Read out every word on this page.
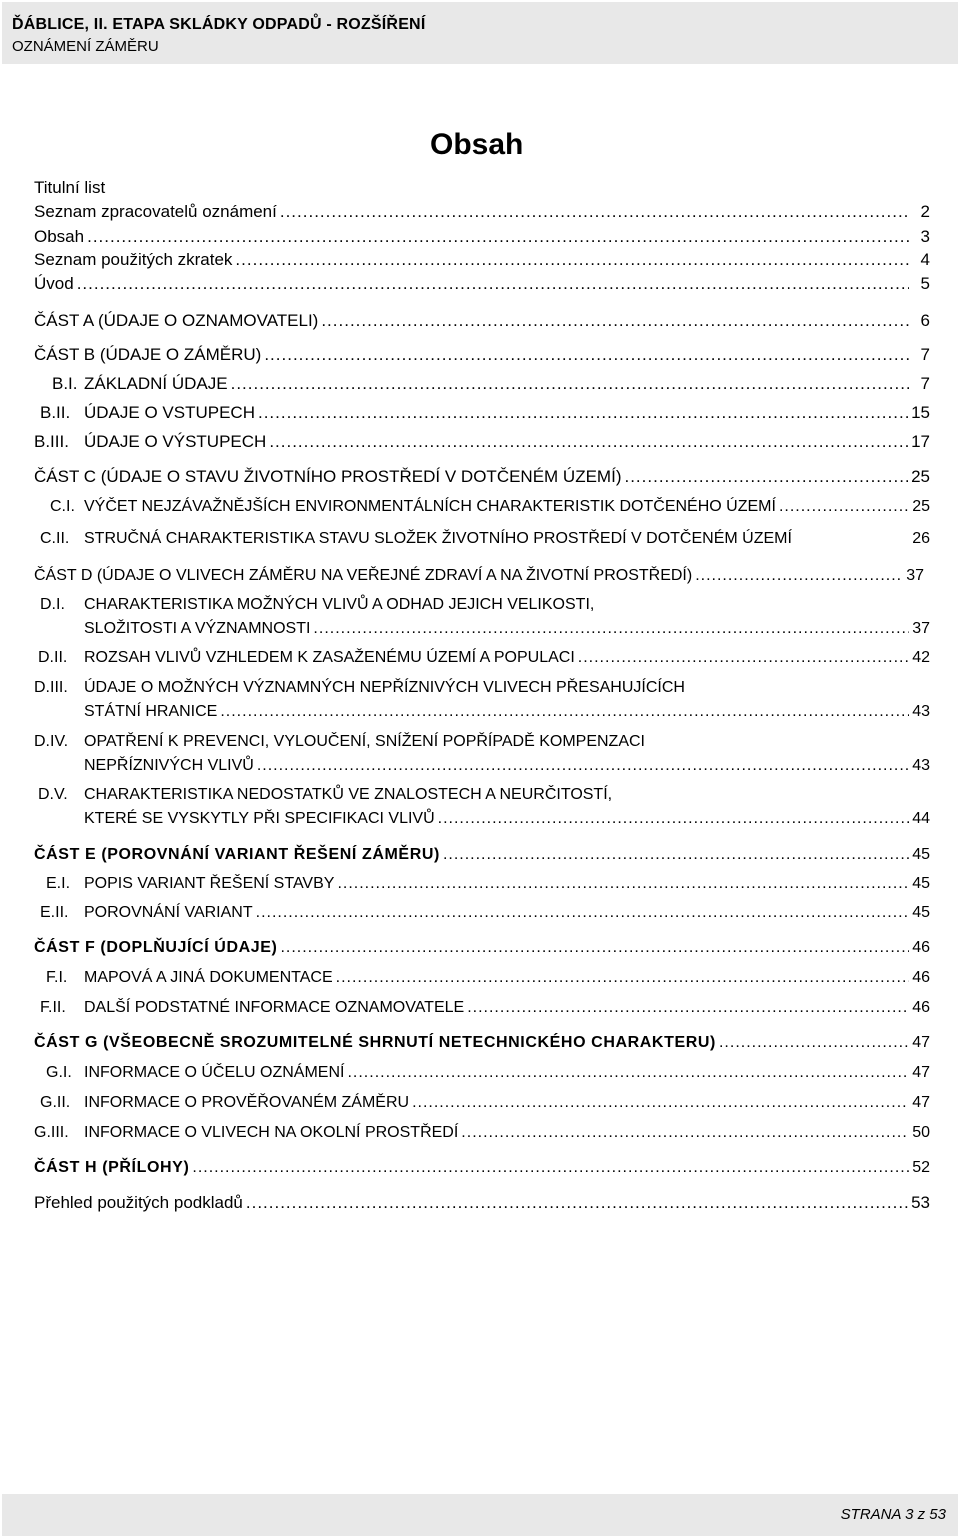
ĎÁBLICE, II. ETAPA SKLÁDKY ODPADŮ - ROZŠÍŘENÍ
OZNÁMENÍ ZÁMĚRU
Obsah
Titulní list
Seznam zpracovatelů oznámení .....	2
Obsah .....	3
Seznam použitých zkratek .....	4
Úvod .....	5
ČÁST A (ÚDAJE O OZNAMOVATELI) .....	6
ČÁST B (ÚDAJE O ZÁMĚRU) .....	7
B.I. ZÁKLADNÍ ÚDAJE .....	7
B.II. ÚDAJE O VSTUPECH .....	15
B.III. ÚDAJE O VÝSTUPECH .....	17
ČÁST C (ÚDAJE O STAVU ŽIVOTNÍHO PROSTŘEDÍ V DOTČENÉM ÚZEMÍ) .....	25
C.I. VÝČET NEJZÁVAŽNĚJŠÍCH ENVIRONMENTÁLNÍCH CHARAKTERISTIK DOTČENÉHO ÚZEMÍ .....	25
C.II. STRUČNÁ CHARAKTERISTIKA STAVU SLOŽEK ŽIVOTNÍHO PROSTŘEDÍ V DOTČENÉM ÚZEMÍ	26
ČÁST D (ÚDAJE O VLIVECH ZÁMĚRU NA VEŘEJNÉ ZDRAVÍ A NA ŽIVOTNÍ PROSTŘEDÍ) .....	37
D.I. CHARAKTERISTIKA MOŽNÝCH VLIVŮ A ODHAD JEJICH VELIKOSTI,
SLOŽITOSTI A VÝZNAMNOSTI .....	37
D.II. ROZSAH VLIVŮ VZHLEDEM K ZASAŽENÉMU ÚZEMÍ A POPULACI .....	42
D.III. ÚDAJE O MOŽNÝCH VÝZNAMNÝCH NEPŘÍZNIVÝCH VLIVECH PŘESAHUJÍCÍCH
STÁTNÍ HRANICE .....	43
D.IV. OPATŘENÍ K PREVENCI, VYLOUČENÍ, SNÍŽENÍ POPŘÍPADĚ KOMPENZACI
NEPŘÍZNIVÝCH VLIVŮ .....	43
D.V. CHARAKTERISTIKA NEDOSTATKŮ VE ZNALOSTECH A NEURČITOSTÍ,
KTERÉ SE VYSKYTLY PŘI SPECIFIKACI VLIVŮ .....	44
ČÁST E (POROVNÁNÍ VARIANT ŘEŠENÍ ZÁMĚRU) .....	45
E.I. POPIS VARIANT ŘEŠENÍ STAVBY .....	45
E.II. POROVNÁNÍ VARIANT .....	45
ČÁST F (DOPLŇUJÍCÍ ÚDAJE) .....	46
F.I. MAPOVÁ A JINÁ DOKUMENTACE .....	46
F.II. DALŠÍ PODSTATNÉ INFORMACE OZNAMOVATELE .....	46
ČÁST G (VŠEOBECNĚ SROZUMITELNÉ SHRNUTÍ NETECHNICKÉHO CHARAKTERU) .....	47
G.I. INFORMACE O ÚČELU OZNÁMENÍ .....	47
G.II. INFORMACE O PROVĚŘOVANÉM ZÁMĚRU .....	47
G.III. INFORMACE O VLIVECH NA OKOLNÍ PROSTŘEDÍ .....	50
ČÁST H (PŘÍLOHY) .....	52
Přehled použitých podkladů .....	53
STRANA 3 z 53
